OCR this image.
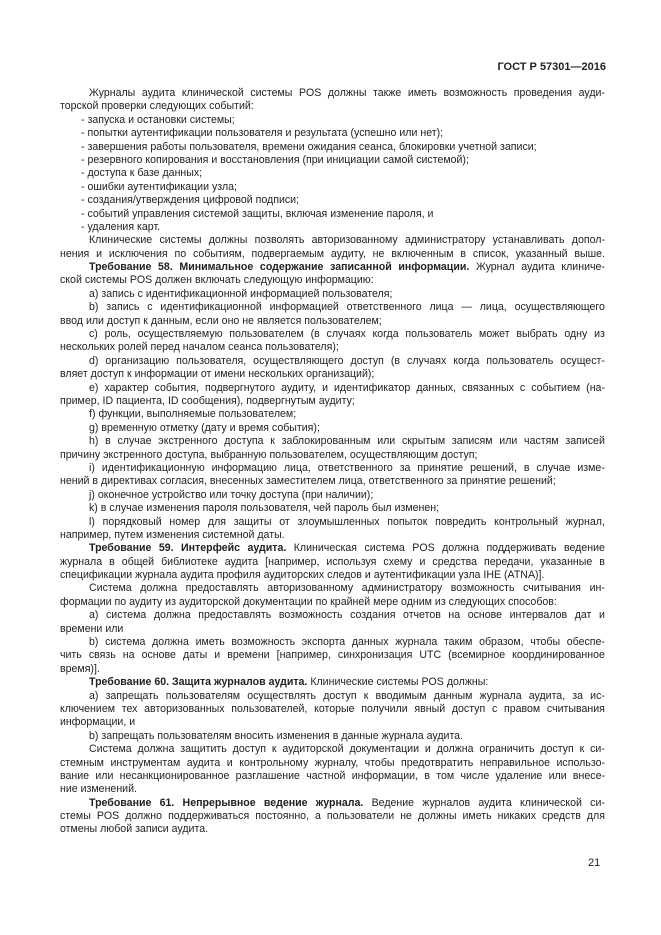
ГОСТ Р 57301—2016
Журналы аудита клинической системы POS должны также иметь возможность проведения ауди-
торской проверки следующих событий:
- запуска и остановки системы;
- попытки аутентификации пользователя и результата (успешно или нет);
- завершения работы пользователя, времени ожидания сеанса, блокировки учетной записи;
- резервного копирования и восстановления (при инициации самой системой);
- доступа к базе данных;
- ошибки аутентификации узла;
- создания/утверждения цифровой подписи;
- событий управления системой защиты, включая изменение пароля, и
- удаления карт.
Клинические системы должны позволять авторизованному администратору устанавливать допол-
нения и исключения по событиям, подвергаемым аудиту, не включенным в список, указанный выше.
Требование 58. Минимальное содержание записанной информации. Журнал аудита клиниче-
ской системы POS должен включать следующую информацию:
a) запись с идентификационной информацией пользователя;
b) запись с идентификационной информацией ответственного лица — лица, осуществляющего
ввод или доступ к данным, если оно не является пользователем;
c) роль, осуществляемую пользователем (в случаях когда пользователь может выбрать одну из
нескольких ролей перед началом сеанса пользователя);
d) организацию пользователя, осуществляющего доступ (в случаях когда пользователь осущест-
вляет доступ к информации от имени нескольких организаций);
e) характер события, подвергнутого аудиту, и идентификатор данных, связанных с событием (на-
пример, ID пациента, ID сообщения), подвергнутым аудиту;
f) функции, выполняемые пользователем;
g) временную отметку (дату и время события);
h) в случае экстренного доступа к заблокированным или скрытым записям или частям записей
причину экстренного доступа, выбранную пользователем, осуществляющим доступ;
i) идентификационную информацию лица, ответственного за принятие решений, в случае изме-
нений в директивах согласия, внесенных заместителем лица, ответственного за принятие решений;
j) оконечное устройство или точку доступа (при наличии);
k) в случае изменения пароля пользователя, чей пароль был изменен;
l) порядковый номер для защиты от злоумышленных попыток повредить контрольный журнал,
например, путем изменения системной даты.
Требование 59. Интерфейс аудита. Клиническая система POS должна поддерживать ведение
журнала в общей библиотеке аудита [например, используя схему и средства передачи, указанные в
спецификации журнала аудита профиля аудиторских следов и аутентификации узла IHE (ATNA)].
Система должна предоставлять авторизованному администратору возможность считывания ин-
формации по аудиту из аудиторской документации по крайней мере одним из следующих способов:
a) система должна предоставлять возможность создания отчетов на основе интервалов дат и
времени или
b) система должна иметь возможность экспорта данных журнала таким образом, чтобы обеспе-
чить связь на основе даты и времени [например, синхронизация UTC (всемирное координированное
время)].
Требование 60. Защита журналов аудита. Клинические системы POS должны:
a) запрещать пользователям осуществлять доступ к вводимым данным журнала аудита, за ис-
ключением тех авторизованных пользователей, которые получили явный доступ с правом считывания
информации, и
b) запрещать пользователям вносить изменения в данные журнала аудита.
Система должна защитить доступ к аудиторской документации и должна ограничить доступ к си-
стемным инструментам аудита и контрольному журналу, чтобы предотвратить неправильное использо-
вание или несанкционированное разглашение частной информации, в том числе удаление или внесе-
ние изменений.
Требование 61. Непрерывное ведение журнала. Ведение журналов аудита клинической си-
стемы POS должно поддерживаться постоянно, а пользователи не должны иметь никаких средств для
отмены любой записи аудита.
21
